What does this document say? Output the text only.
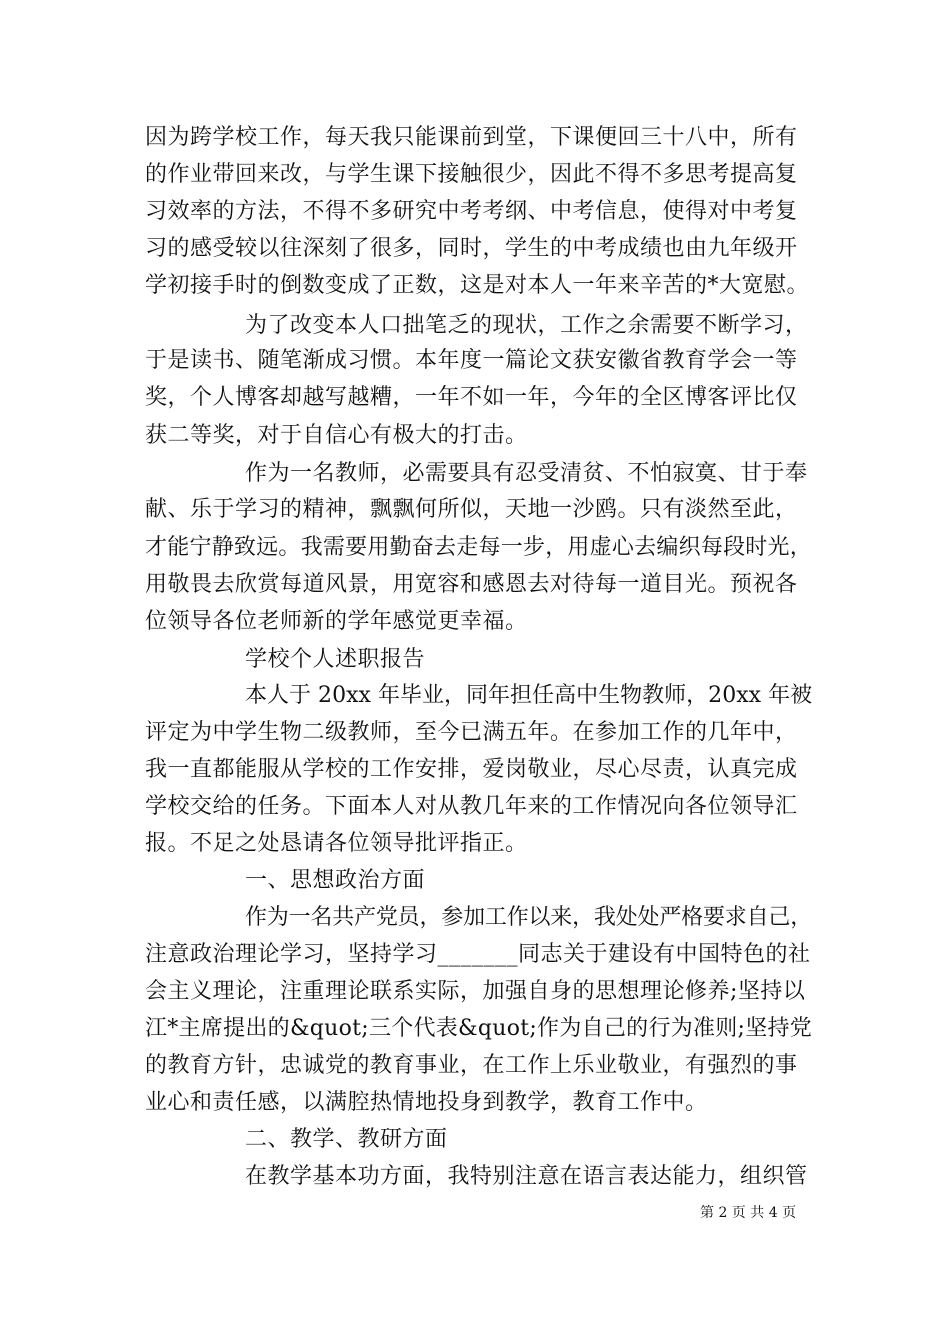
因为跨学校工作，每天我只能课前到堂，下课便回三十八中，所有
的作业带回来改，与学生课下接触很少，因此不得不多思考提高复
习效率的方法，不得不多研究中考考纲、中考信息，使得对中考复
习的感受较以往深刻了很多，同时，学生的中考成绩也由九年级开
学初接手时的倒数变成了正数，这是对本人一年来辛苦的*大宽慰。
为了改变本人口拙笔乏的现状，工作之余需要不断学习，
于是读书、随笔渐成习惯。本年度一篇论文获安徽省教育学会一等
奖，个人博客却越写越糟，一年不如一年，今年的全区博客评比仅
获二等奖，对于自信心有极大的打击。
作为一名教师，必需要具有忍受清贫、不怕寂寞、甘于奉
献、乐于学习的精神，飘飘何所似，天地一沙鸥。只有淡然至此，
才能宁静致远。我需要用勤奋去走每一步，用虚心去编织每段时光，
用敬畏去欣赏每道风景，用宽容和感恩去对待每一道目光。预祝各
位领导各位老师新的学年感觉更幸福。
学校个人述职报告
本人于 20xx 年毕业，同年担任高中生物教师，20xx 年被
评定为中学生物二级教师，至今已满五年。在参加工作的几年中，
我一直都能服从学校的工作安排，爱岗敬业，尽心尽责，认真完成
学校交给的任务。下面本人对从教几年来的工作情况向各位领导汇
报。不足之处恳请各位领导批评指正。
一、思想政治方面
作为一名共产党员，参加工作以来，我处处严格要求自己，
注意政治理论学习，坚持学习_______同志关于建设有中国特色的社
会主义理论，注重理论联系实际，加强自身的思想理论修养;坚持以
江*主席提出的&quot;三个代表&quot;作为自己的行为准则;坚持党
的教育方针，忠诚党的教育事业，在工作上乐业敬业，有强烈的事
业心和责任感，以满腔热情地投身到教学，教育工作中。
二、教学、教研方面
在教学基本功方面，我特别注意在语言表达能力，组织管
第 2 页 共 4 页
